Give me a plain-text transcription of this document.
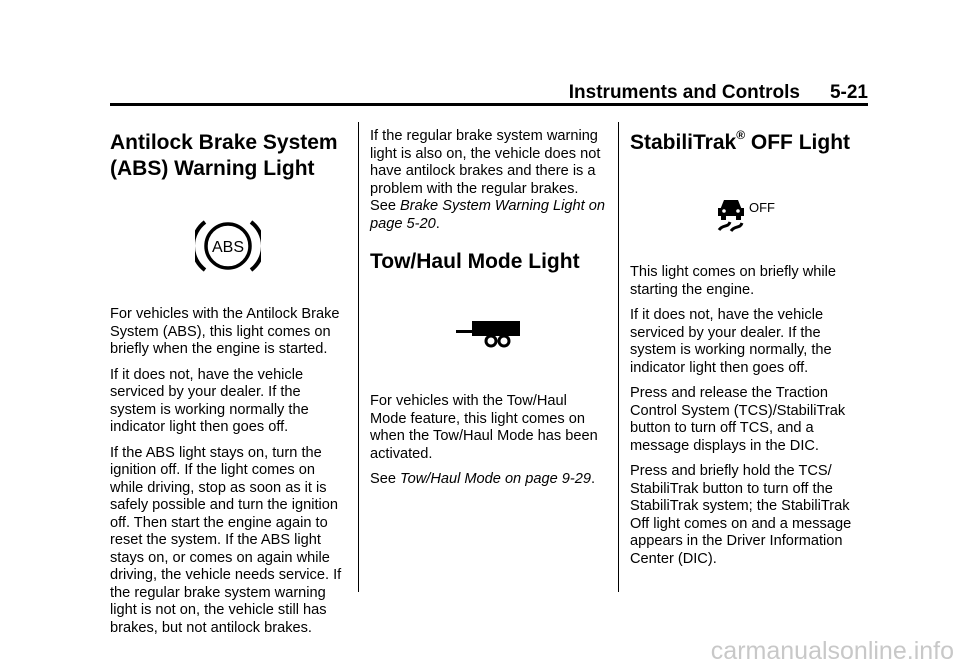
Instruments and Controls 5-21
Antilock Brake System (ABS) Warning Light
ABS

For vehicles with the Antilock Brake System (ABS), this light comes on briefly when the engine is started.

If it does not, have the vehicle serviced by your dealer. If the system is working normally the indicator light then goes off.

If the ABS light stays on, turn the ignition off. If the light comes on while driving, stop as soon as it is safely possible and turn the ignition off. Then start the engine again to reset the system. If the ABS light stays on, or comes on again while driving, the vehicle needs service. If the regular brake system warning light is not on, the vehicle still has brakes, but not antilock brakes.

If the regular brake system warning light is also on, the vehicle does not have antilock brakes and there is a problem with the regular brakes. See Brake System Warning Light on page 5-20.

Tow/Haul Mode Light

For vehicles with the Tow/Haul Mode feature, this light comes on when the Tow/Haul Mode has been activated.

See Tow/Haul Mode on page 9-29.

StabiliTrak® OFF Light
OFF

This light comes on briefly while starting the engine.

If it does not, have the vehicle serviced by your dealer. If the system is working normally, the indicator light then goes off.

Press and release the Traction Control System (TCS)/StabiliTrak button to turn off TCS, and a message displays in the DIC.

Press and briefly hold the TCS/ StabiliTrak button to turn off the StabiliTrak system; the StabiliTrak Off light comes on and a message appears in the Driver Information Center (DIC).

carmanualsonline.info
